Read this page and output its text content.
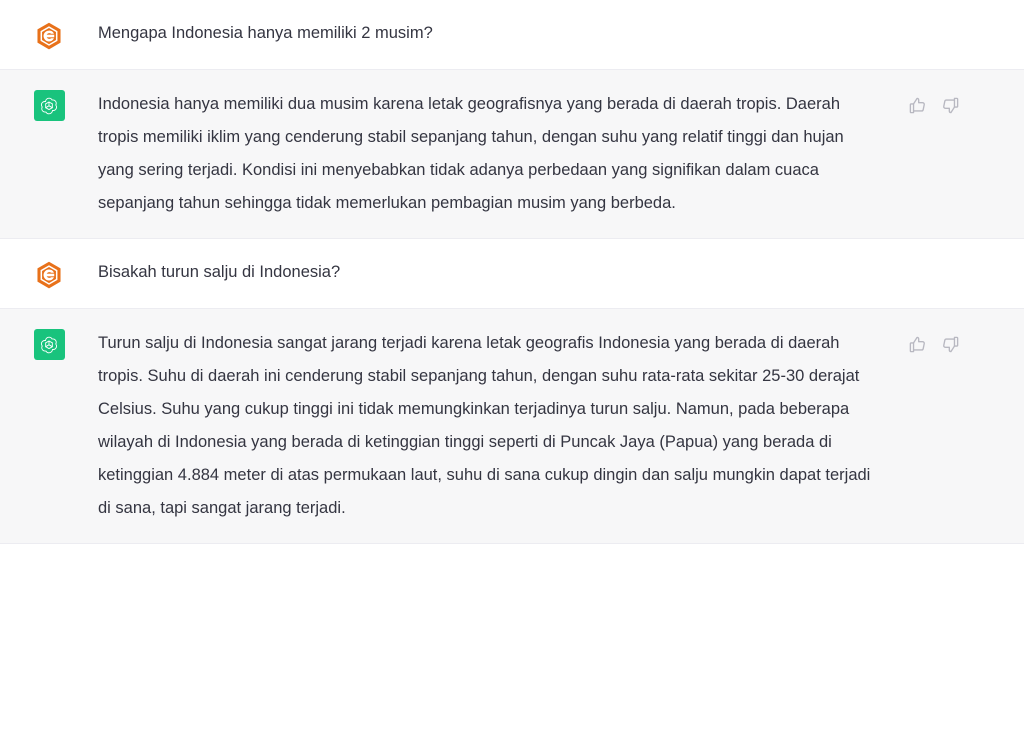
Mengapa Indonesia hanya memiliki 2 musim?
Indonesia hanya memiliki dua musim karena letak geografisnya yang berada di daerah tropis. Daerah tropis memiliki iklim yang cenderung stabil sepanjang tahun, dengan suhu yang relatif tinggi dan hujan yang sering terjadi. Kondisi ini menyebabkan tidak adanya perbedaan yang signifikan dalam cuaca sepanjang tahun sehingga tidak memerlukan pembagian musim yang berbeda.
Bisakah turun salju di Indonesia?
Turun salju di Indonesia sangat jarang terjadi karena letak geografis Indonesia yang berada di daerah tropis. Suhu di daerah ini cenderung stabil sepanjang tahun, dengan suhu rata-rata sekitar 25-30 derajat Celsius. Suhu yang cukup tinggi ini tidak memungkinkan terjadinya turun salju. Namun, pada beberapa wilayah di Indonesia yang berada di ketinggian tinggi seperti di Puncak Jaya (Papua) yang berada di ketinggian 4.884 meter di atas permukaan laut, suhu di sana cukup dingin dan salju mungkin dapat terjadi di sana, tapi sangat jarang terjadi.
